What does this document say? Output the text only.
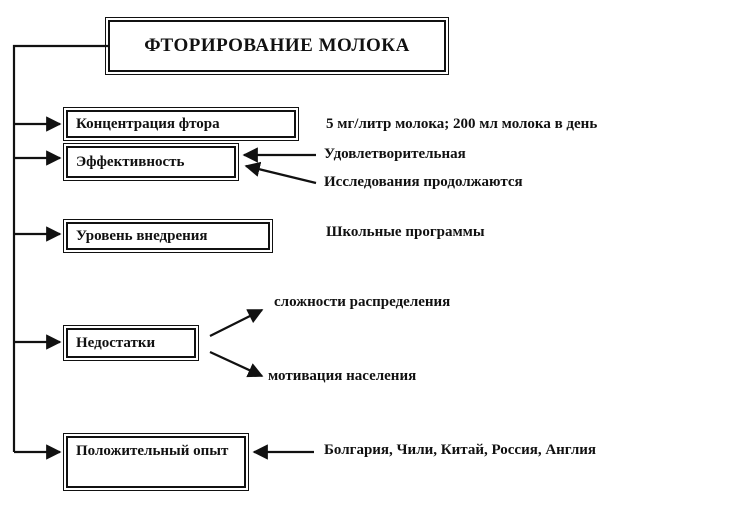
ФТОРИРОВАНИЕ МОЛОКА
Концентрация фтора
Эффективность
Уровень внедрения
Недостатки
Положительный опыт
5 мг/литр молока; 200 мл молока в день
Удовлетворительная
Исследования продолжаются
Школьные программы
сложности распределения
мотивация населения
Болгария, Чили, Китай, Россия, Англия
